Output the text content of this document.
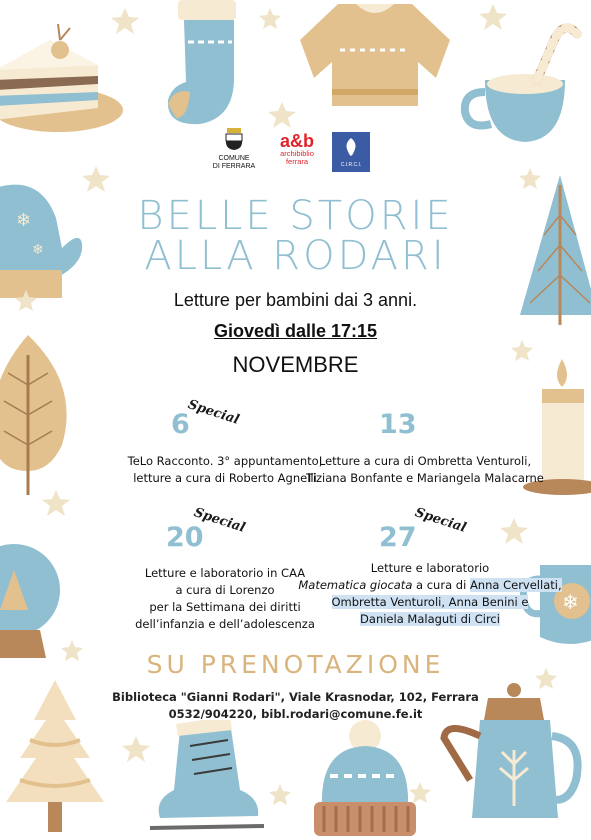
❄
❄
❄
COMUNE
DI FERRARA
a&b
archibiblio
ferrara	C.I.R.C.I.
BELLE STORIE
ALLA RODARI
Letture per bambini dai 3 anni.
Giovedì dalle 17:15
NOVEMBRE
6
Special
TeLo Racconto. 3° appuntamento,
letture a cura di Roberto Agnelli
13
Letture a cura di Ombretta Venturoli,
Tiziana Bonfante e Mariangela Malacarne
20
Special
Letture e laboratorio in CAA
a cura di Lorenzo
per la Settimana dei diritti
dell’infanzia e dell’adolescenza
27
Special
Letture e laboratorio
Matematica giocata a cura di Anna Cervellati,
Ombretta Venturoli, Anna Benini e
Daniela Malaguti di Circi
SU PRENOTAZIONE
Biblioteca "Gianni Rodari", Viale Krasnodar, 102, Ferrara
0532/904220, bibl.rodari@comune.fe.it
